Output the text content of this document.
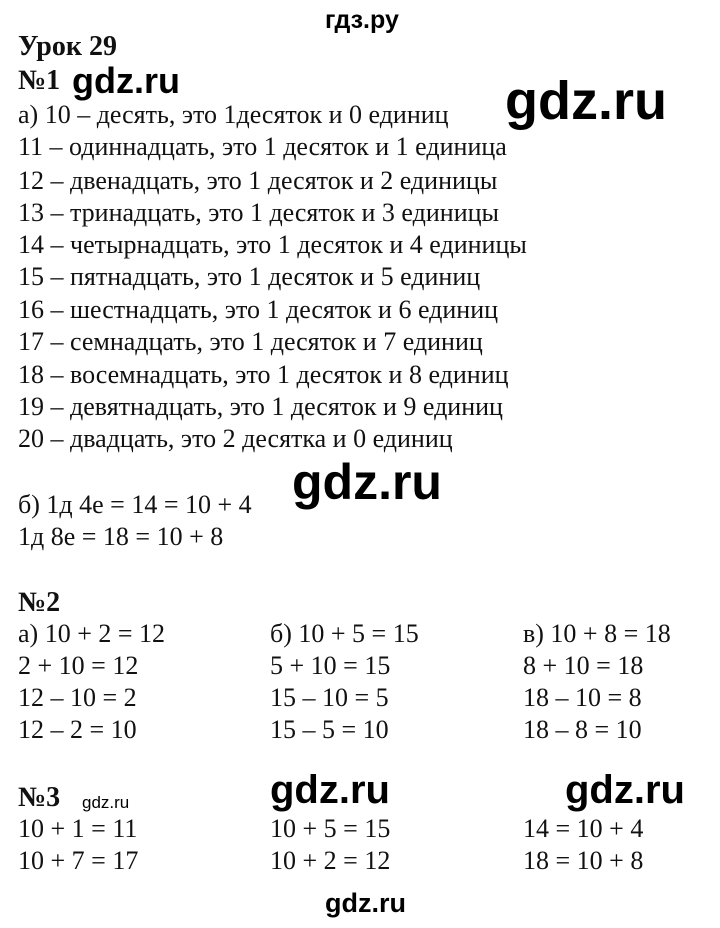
гдз.ру
Урок 29
№1 gdz.ru
а) 10 – десять, это 1десяток и 0 единиц
11 – одиннадцать, это 1 десяток и 1 единица
12 – двенадцать, это 1 десяток и 2 единицы
13 – тринадцать, это 1 десяток и 3 единицы
14 – четырнадцать, это 1 десяток и 4 единицы
15 – пятнадцать, это 1 десяток и 5 единиц
16 – шестнадцать, это 1 десяток и 6 единиц
17 – семнадцать, это 1 десяток и 7 единиц
18 – восемнадцать, это 1 десяток и 8 единиц
19 – девятнадцать, это 1 десяток и 9 единиц
20 – двадцать, это 2 десятка и 0 единиц
gdz.ru
gdz.ru
б) 1д 4е = 14 = 10 + 4
1д 8е = 18 = 10 + 8
№2
а) 10 + 2 = 12
2 + 10 = 12
12 – 10 = 2
12 – 2 = 10
б) 10 + 5 = 15
5 + 10 = 15
15 – 10 = 5
15 – 5 = 10
в) 10 + 8 = 18
8 + 10 = 18
18 – 10 = 8
18 – 8 = 10
№3	gdz.ru	gdz.ru
10 + 1 = 11
10 + 7 = 17
10 + 5 = 15
10 + 2 = 12
14 = 10 + 4
18 = 10 + 8
gdz.ru
gdz.ru
